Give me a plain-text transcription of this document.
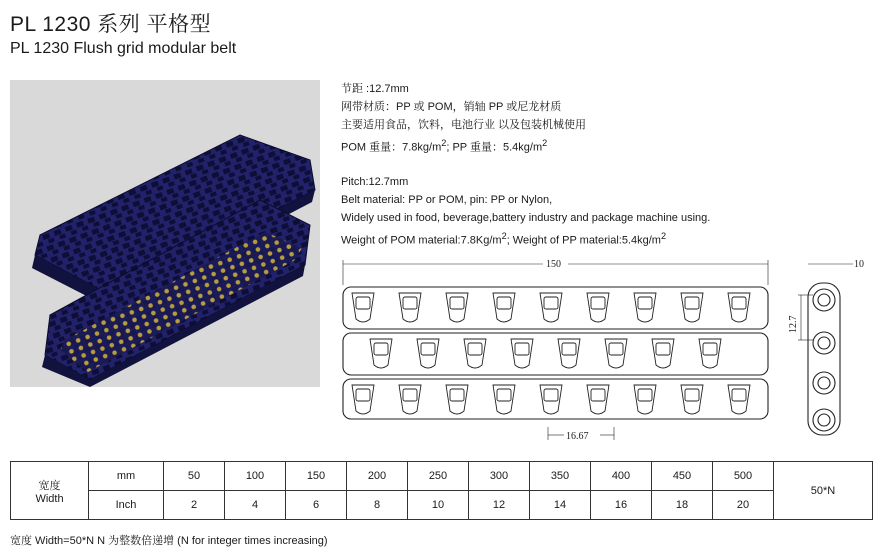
PL 1230 系列 平格型
PL 1230 Flush grid modular belt
节距 :12.7mm
网带材质：PP 或 POM，销轴 PP 或尼龙材质
主要适用食品，饮料，电池行业 以及包装机械使用
POM 重量：$7.8kg/m^2$; PP 重量：$5.4kg/m^2$
Pitch:12.7mm
Belt material: PP or POM, pin: PP or Nylon,
Widely used in food, beverage,battery industry and package machine using.
Weight of POM $material:7.8Kg/m^2$; Weight of PP $material:5.4kg/m^2$
150
12.7
10
16.67
宽度
Width	mm	50	100	150	200	250	300	350	400	450	500	50*N
	Inch	2	4	6	8	10	12	14	16	18	20	
宽度 Width=50*N N 为整数倍递增 (N for integer times increasing)
